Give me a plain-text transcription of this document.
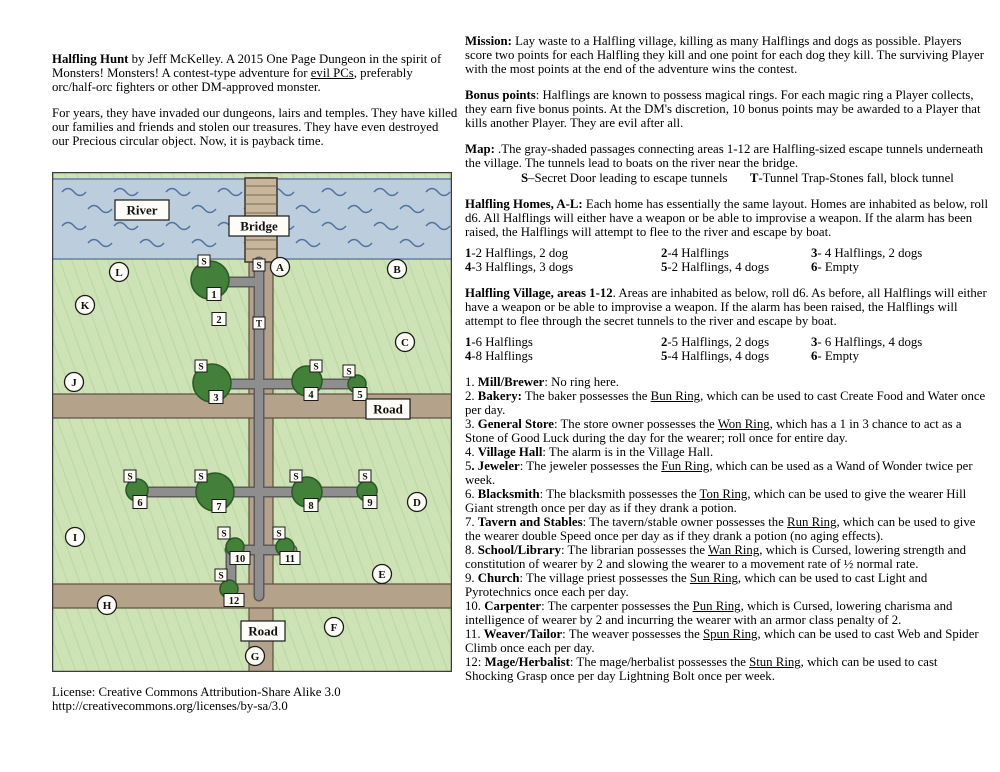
Halfling Hunt by Jeff McKelley. A 2015 One Page Dungeon in the spirit of Monsters! Monsters! A contest-type adventure for evil PCs, preferably orc/half-orc fighters or other DM-approved monster.

For years, they have invaded our dungeons, lairs and temples. They have killed our families and friends and stolen our treasures. They have even destroyed our Precious circular object. Now, it is payback time.

1
2
3	4	5
6	7	8	9
10	11
12
S	S
S	S	S
S	S	S	S
S	S
S
T
A	B
C
D
E
F
G
H
I
J
K
L
River
Bridge
Road
Road

License: Creative Commons Attribution-Share Alike 3.0

http://creativecommons.org/licenses/by-sa/3.0

Mission: Lay waste to a Halfling village, killing as many Halflings and dogs as possible. Players score two points for each Halfling they kill and one point for each dog they kill. The surviving Player with the most points at the end of the adventure wins the contest.

Bonus points: Halflings are known to possess magical rings. For each magic ring a Player collects, they earn five bonus points. At the DM's discretion, 10 bonus points may be awarded to a Player that kills another Player. They are evil after all.

Map: .The gray-shaded passages connecting areas 1-12 are Halfling-sized escape tunnels underneath the village. The tunnels lead to boats on the river near the bridge.

S–Secret Door leading to escape tunnels       T-Tunnel Trap-Stones fall, block tunnel

Halfling Homes, A-L: Each home has essentially the same layout. Homes are inhabited as below, roll d6. All Halflings will either have a weapon or be able to improvise a weapon. If the alarm has been raised, the Halflings will attempt to flee to the river and escape by boat.

1-2 Halflings, 2 dog	2-4 Halflings	3- 4 Halflings, 2 dogs
4-3 Halflings, 3 dogs	5-2 Halflings, 4 dogs	6- Empty

Halfling Village, areas 1-12. Areas are inhabited as below, roll d6. As before, all Halflings will either have a weapon or be able to improvise a weapon. If the alarm has been raised, the Halflings will attempt to flee through the secret tunnels to the river and escape by boat.

1-6 Halflings	2-5 Halflings, 2 dogs	3- 6 Halflings, 4 dogs
4-8 Halflings	5-4 Halflings, 4 dogs	6- Empty

1. Mill/Brewer: No ring here.

2. Bakery: The baker possesses the Bun Ring, which can be used to cast Create Food and Water once per day.

3. General Store: The store owner possesses the Won Ring, which has a 1 in 3 chance to act as a Stone of Good Luck during the day for the wearer; roll once for entire day.

4. Village Hall: The alarm is in the Village Hall.

5. Jeweler: The jeweler possesses the Fun Ring, which can be used as a Wand of Wonder twice per week.

6. Blacksmith: The blacksmith possesses the Ton Ring, which can be used to give the wearer Hill Giant strength once per day as if they drank a potion.

7. Tavern and Stables: The tavern/stable owner possesses the Run Ring, which can be used to give the wearer double Speed once per day as if they drank a potion (no aging effects).

8. School/Library: The librarian possesses the Wan Ring, which is Cursed, lowering strength and constitution of wearer by 2 and slowing the wearer to a movement rate of ½ normal rate.

9. Church: The village priest possesses the Sun Ring, which can be used to cast Light and Pyrotechnics once each per day.

10. Carpenter: The carpenter possesses the Pun Ring, which is Cursed, lowering charisma and intelligence of wearer by 2 and incurring the wearer with an armor class penalty of 2.

11. Weaver/Tailor: The weaver possesses the Spun Ring, which can be used to cast Web and Spider Climb once each per day.

12: Mage/Herbalist: The mage/herbalist possesses the Stun Ring, which can be used to cast Shocking Grasp once per day Lightning Bolt once per week.
